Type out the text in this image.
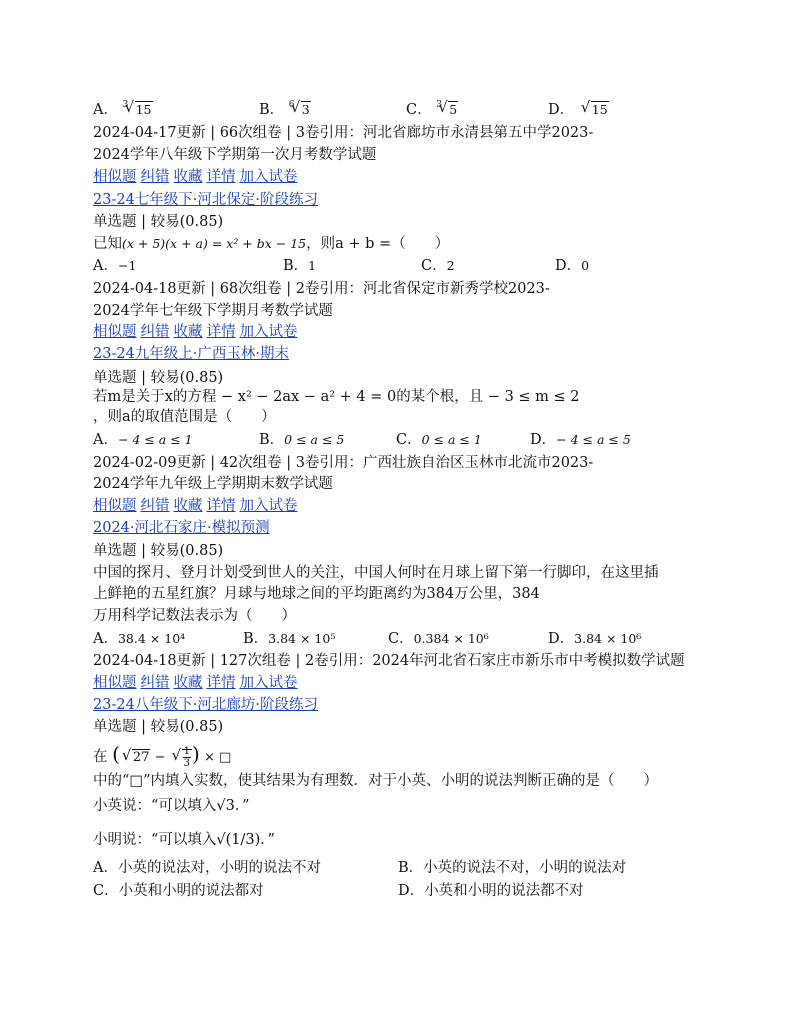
A． √ 3 15	B． √ 6 3	C． √ 3 5	D． √ 15
2024-04-17更新 | 66次组卷 | 3卷引用：河北省廊坊市永清县第五中学2023-
2024学年八年级下学期第一次月考数学试题
相似题 纠错 收藏 详情 加入试卷
23-24七年级下·河北保定·阶段练习
单选题 | 较易(0.85)
已知(x + 5)(x + a) = x² + bx − 15，则a + b =（　　）
A．−1	B．1	C．2	D．0
2024-04-18更新 | 68次组卷 | 2卷引用：河北省保定市新秀学校2023-
2024学年七年级下学期月考数学试题
相似题 纠错 收藏 详情 加入试卷
23-24九年级上·广西玉林·期末
单选题 | 较易(0.85)
若m是关于x的方程 − x² − 2ax − a² + 4 = 0的某个根，且 − 3 ≤ m ≤ 2
，则a的取值范围是（　　）
A．− 4 ≤ a ≤ 1	B．0 ≤ a ≤ 5	C．0 ≤ a ≤ 1	D．− 4 ≤ a ≤ 5
2024-02-09更新 | 42次组卷 | 3卷引用：广西壮族自治区玉林市北流市2023-
2024学年九年级上学期期末数学试题
相似题 纠错 收藏 详情 加入试卷
2024·河北石家庄·模拟预测
单选题 | 较易(0.85)
中国的探月、登月计划受到世人的关注，中国人何时在月球上留下第一行脚印，在这里插
上鲜艳的五星红旗？月球与地球之间的平均距离约为384万公里，384
万用科学记数法表示为（　　）
A．38.4 × 10⁴	B．3.84 × 10⁵	C．0.384 × 10⁶	D．3.84 × 10⁶
2024-04-18更新 | 127次组卷 | 2卷引用：2024年河北省石家庄市新乐市中考模拟数学试题
相似题 纠错 收藏 详情 加入试卷
23-24八年级下·河北廊坊·阶段练习
单选题 | 较易(0.85)
在 ( √ 27 − √ $\frac{1}{3}$ ) × □
中的“□”内填入实数，使其结果为有理数．对于小英、小明的说法判断正确的是（　　）
小英说：“可以填入√3．”
小明说：“可以填入√(1/3)．”
A．小英的说法对，小明的说法不对	B．小英的说法不对，小明的说法对
C．小英和小明的说法都对	D．小英和小明的说法都不对
